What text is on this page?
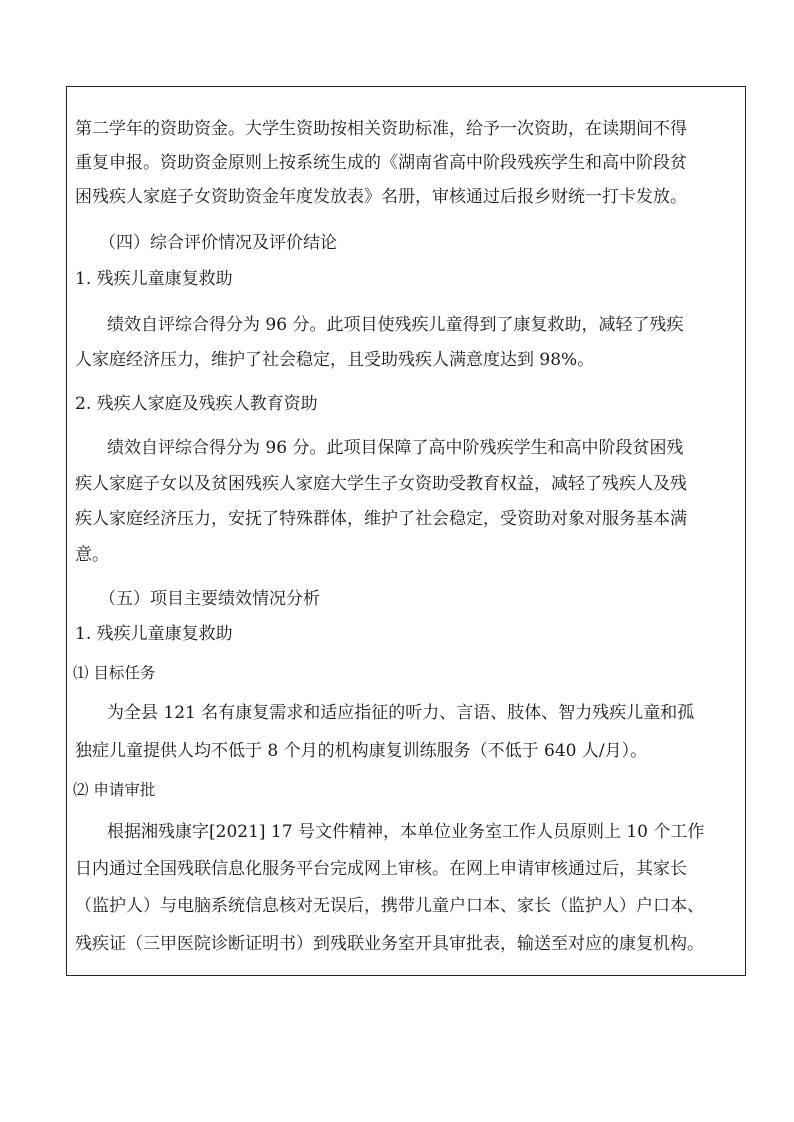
第二学年的资助资金。大学生资助按相关资助标准，给予一次资助，在读期间不得
重复申报。资助资金原则上按系统生成的《湖南省高中阶段残疾学生和高中阶段贫
困残疾人家庭子女资助资金年度发放表》名册，审核通过后报乡财统一打卡发放。
（四）综合评价情况及评价结论
1. 残疾儿童康复救助
绩效自评综合得分为 96 分。此项目使残疾儿童得到了康复救助，减轻了残疾
人家庭经济压力，维护了社会稳定，且受助残疾人满意度达到 98%。
2. 残疾人家庭及残疾人教育资助
绩效自评综合得分为 96 分。此项目保障了高中阶残疾学生和高中阶段贫困残
疾人家庭子女以及贫困残疾人家庭大学生子女资助受教育权益，减轻了残疾人及残
疾人家庭经济压力，安抚了特殊群体，维护了社会稳定，受资助对象对服务基本满
意。
（五）项目主要绩效情况分析
1. 残疾儿童康复救助
⑴ 目标任务
为全县 121 名有康复需求和适应指征的听力、言语、肢体、智力残疾儿童和孤
独症儿童提供人均不低于 8 个月的机构康复训练服务（不低于 640 人/月）。
⑵ 申请审批
根据湘残康字[2021] 17 号文件精神，本单位业务室工作人员原则上 10 个工作
日内通过全国残联信息化服务平台完成网上审核。在网上申请审核通过后，其家长
（监护人）与电脑系统信息核对无误后，携带儿童户口本、家长（监护人）户口本、
残疾证（三甲医院诊断证明书）到残联业务室开具审批表，输送至对应的康复机构。
